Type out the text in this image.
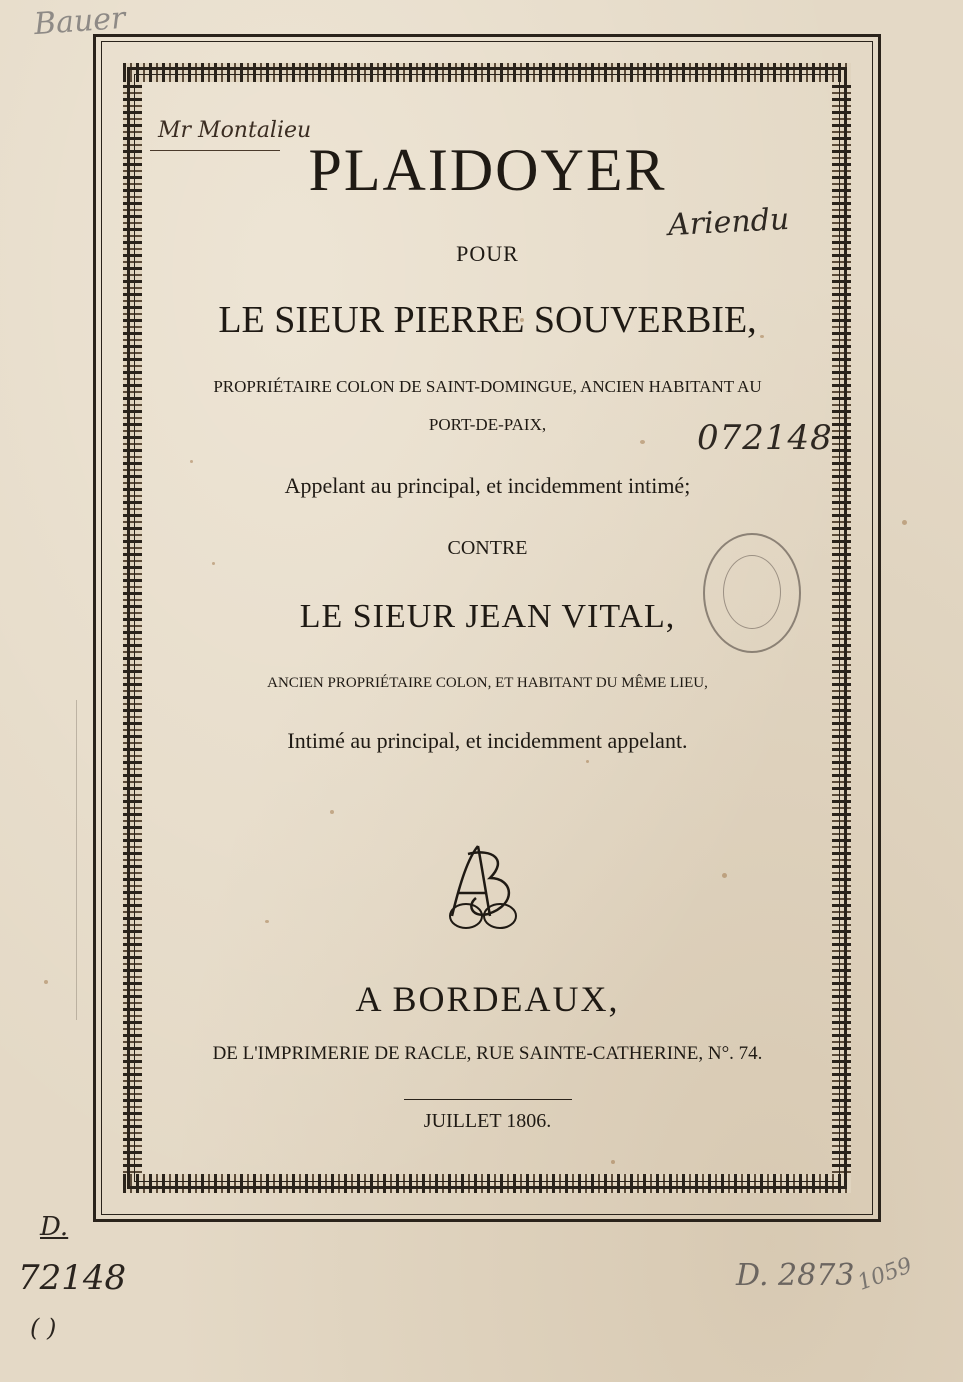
PLAIDOYER
POUR
LE SIEUR PIERRE SOUVERBIE,
PROPRIÉTAIRE COLON DE SAINT-DOMINGUE, ANCIEN HABITANT AU
PORT-DE-PAIX,
Appelant au principal, et incidemment intimé;
CONTRE
LE SIEUR JEAN VITAL,
ANCIEN PROPRIÉTAIRE COLON, ET HABITANT DU MÊME LIEU,
Intimé au principal, et incidemment appelant.
A BORDEAUX,
DE L'IMPRIMERIE DE RACLE, RUE SAINTE-CATHERINE, N°. 74.
JUILLET 1806.
Bauer
Mr Montalieu
Ariendu
072148
D.
72148
( )
D. 2873 1059
